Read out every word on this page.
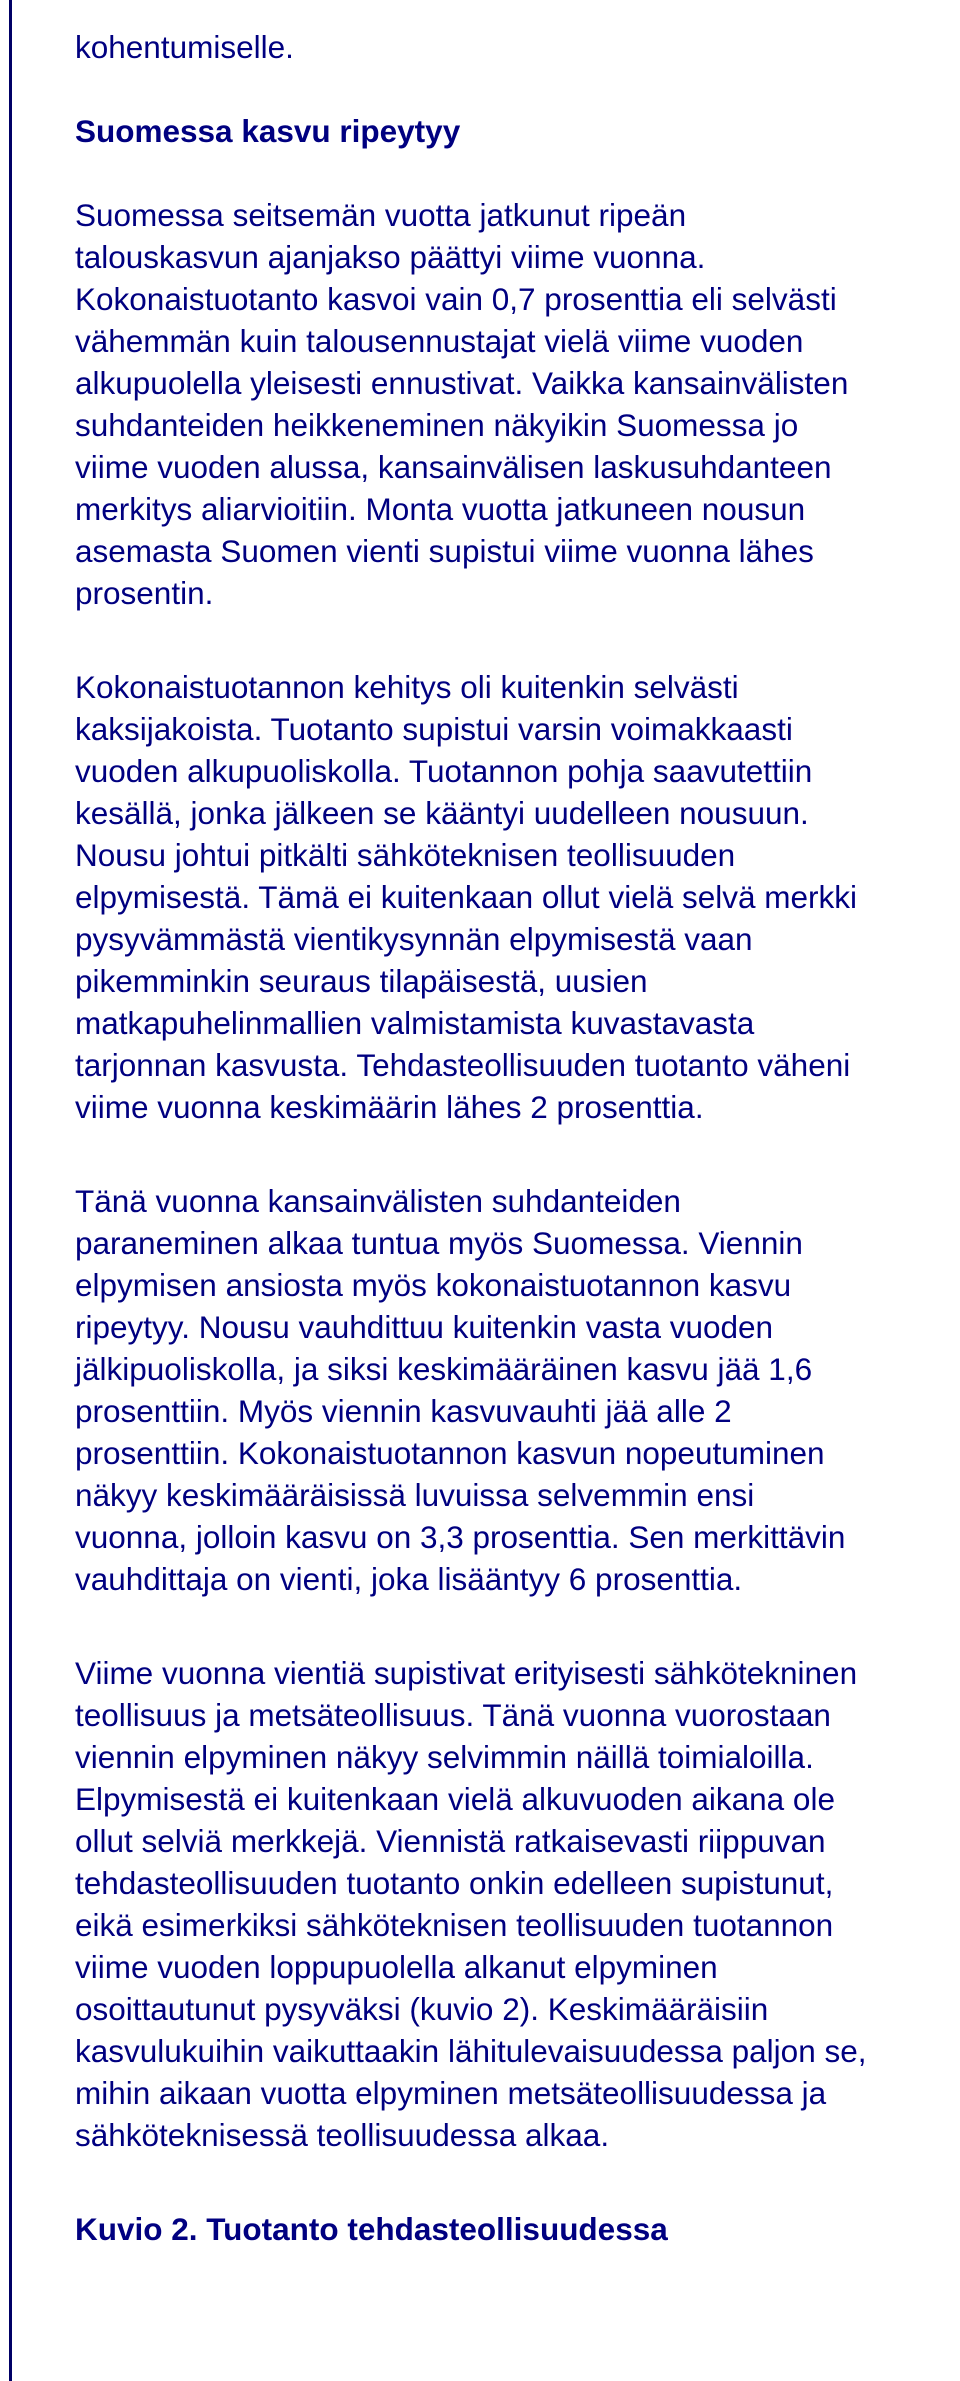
kohentumiselle.

Suomessa kasvu ripeytyy

Suomessa seitsemän vuotta jatkunut ripeän
talouskasvun ajanjakso päättyi viime vuonna.
Kokonaistuotanto kasvoi vain 0,7 prosenttia eli selvästi
vähemmän kuin talousennustajat vielä viime vuoden
alkupuolella yleisesti ennustivat. Vaikka kansainvälisten
suhdanteiden heikkeneminen näkyikin Suomessa jo
viime vuoden alussa, kansainvälisen laskusuhdanteen
merkitys aliarvioitiin. Monta vuotta jatkuneen nousun
asemasta Suomen vienti supistui viime vuonna lähes
prosentin.

Kokonaistuotannon kehitys oli kuitenkin selvästi
kaksijakoista. Tuotanto supistui varsin voimakkaasti
vuoden alkupuoliskolla. Tuotannon pohja saavutettiin
kesällä, jonka jälkeen se kääntyi uudelleen nousuun.
Nousu johtui pitkälti sähköteknisen teollisuuden
elpymisestä. Tämä ei kuitenkaan ollut vielä selvä merkki
pysyvämmästä vientikysynnän elpymisestä vaan
pikemminkin seuraus tilapäisestä, uusien
matkapuhelinmallien valmistamista kuvastavasta
tarjonnan kasvusta. Tehdasteollisuuden tuotanto väheni
viime vuonna keskimäärin lähes 2 prosenttia.

Tänä vuonna kansainvälisten suhdanteiden
paraneminen alkaa tuntua myös Suomessa. Viennin
elpymisen ansiosta myös kokonaistuotannon kasvu
ripeytyy. Nousu vauhdittuu kuitenkin vasta vuoden
jälkipuoliskolla, ja siksi keskimääräinen kasvu jää 1,6
prosenttiin. Myös viennin kasvuvauhti jää alle 2
prosenttiin. Kokonaistuotannon kasvun nopeutuminen
näkyy keskimääräisissä luvuissa selvemmin ensi
vuonna, jolloin kasvu on 3,3 prosenttia. Sen merkittävin
vauhdittaja on vienti, joka lisääntyy 6 prosenttia.

Viime vuonna vientiä supistivat erityisesti sähkötekninen
teollisuus ja metsäteollisuus. Tänä vuonna vuorostaan
viennin elpyminen näkyy selvimmin näillä toimialoilla.
Elpymisestä ei kuitenkaan vielä alkuvuoden aikana ole
ollut selviä merkkejä. Viennistä ratkaisevasti riippuvan
tehdasteollisuuden tuotanto onkin edelleen supistunut,
eikä esimerkiksi sähköteknisen teollisuuden tuotannon
viime vuoden loppupuolella alkanut elpyminen
osoittautunut pysyväksi (kuvio 2). Keskimääräisiin
kasvulukuihin vaikuttaakin lähitulevaisuudessa paljon se,
mihin aikaan vuotta elpyminen metsäteollisuudessa ja
sähköteknisessä teollisuudessa alkaa.

Kuvio 2. Tuotanto tehdasteollisuudessa
